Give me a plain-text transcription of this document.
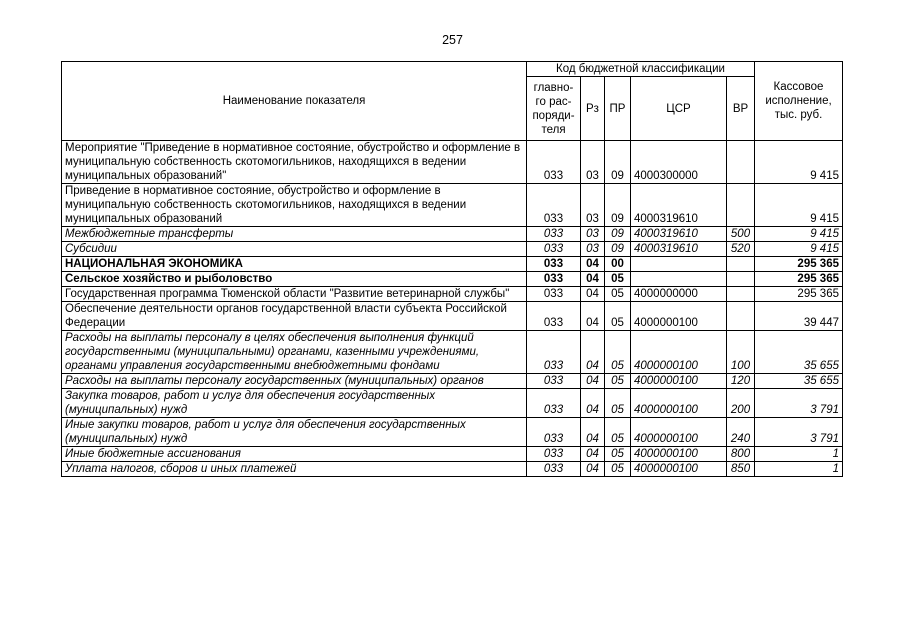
257
Наименование показателя	Код бюджетной классификации					Кассовое исполнение, тыс. руб.
	главно-го рас-поряди-теля	Рз	ПР	ЦСР	ВР	
Мероприятие "Приведение в нормативное состояние, обустройство и оформление в муниципальную собственность скотомогильников, находящихся в ведении муниципальных образований"	033	03	09	4000300000		9 415
Приведение в нормативное состояние, обустройство и оформление в муниципальную собственность скотомогильников, находящихся в ведении муниципальных образований	033	03	09	4000319610		9 415
Межбюджетные трансферты	033	03	09	4000319610	500	9 415
Субсидии	033	03	09	4000319610	520	9 415
НАЦИОНАЛЬНАЯ ЭКОНОМИКА	033	04	00			295 365
Сельское хозяйство и рыболовство	033	04	05			295 365
Государственная программа Тюменской области "Развитие ветеринарной службы"	033	04	05	4000000000		295 365
Обеспечение деятельности органов государственной власти субъекта Российской Федерации	033	04	05	4000000100		39 447
Расходы на выплаты персоналу в целях обеспечения выполнения функций государственными (муниципальными) органами, казенными учреждениями, органами управления государственными внебюджетными фондами	033	04	05	4000000100	100	35 655
Расходы на выплаты персоналу государственных (муниципальных) органов	033	04	05	4000000100	120	35 655
Закупка товаров, работ и услуг для обеспечения государственных (муниципальных) нужд	033	04	05	4000000100	200	3 791
Иные закупки товаров, работ и услуг для обеспечения государственных (муниципальных) нужд	033	04	05	4000000100	240	3 791
Иные бюджетные ассигнования	033	04	05	4000000100	800	1
Уплата налогов, сборов и иных платежей	033	04	05	4000000100	850	1
